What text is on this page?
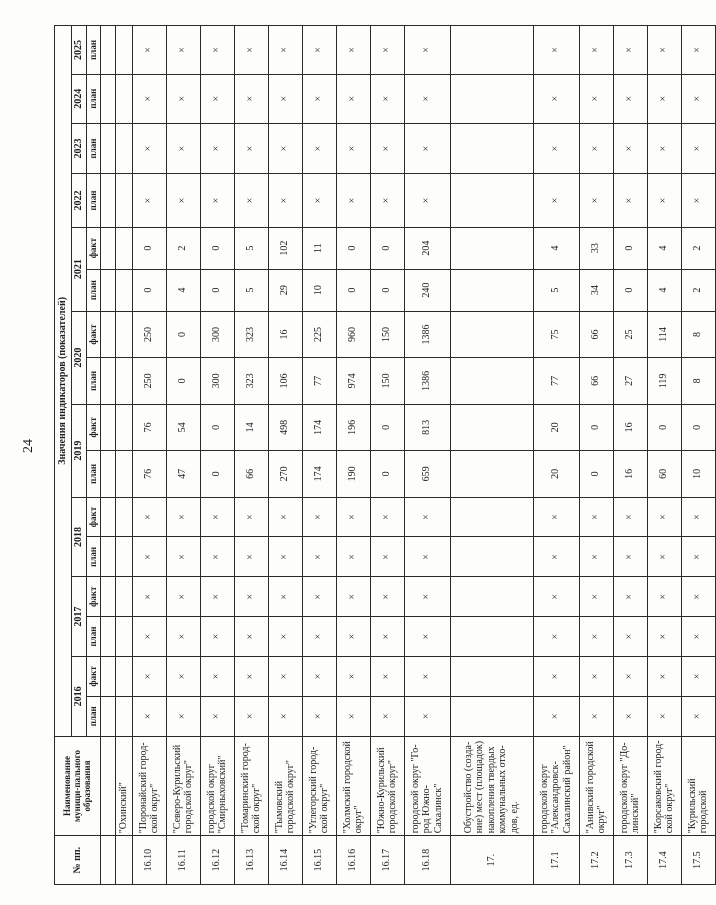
24
№ пп.	Наименование муници-пального образования	Значения индикаторов (показателей)															
		2016		2017		2018		2019		2020		2021		2022	2023	2024	2025
		план	факт	план	факт	план	факт	план	факт	план	факт	план	факт	план	план	план	план

	"Охинский"																
16.10	"Поронайский город-ской округ"	×	×	×	×	×	×	76	76	250	250	0	0	×	×	×	×
16.11	"Северо-Курильский городской округ"	×	×	×	×	×	×	47	54	0	0	4	2	×	×	×	×
16.12	городской округ "Смирныховский"	×	×	×	×	×	×	0	0	300	300	0	0	×	×	×	×
16.13	"Томаринский город-ской округ"	×	×	×	×	×	×	66	14	323	323	5	5	×	×	×	×
16.14	"Тымовский городской округ"	×	×	×	×	×	×	270	498	106	16	29	102	×	×	×	×
16.15	"Углегорский город-ской округ"	×	×	×	×	×	×	174	174	77	225	10	11	×	×	×	×
16.16	"Холмский городской округ"	×	×	×	×	×	×	190	196	974	960	0	0	×	×	×	×
16.17	"Южно-Курильский городской округ"	×	×	×	×	×	×	0	0	150	150	0	0	×	×	×	×
16.18	городской округ "Го-род Южно-Сахалинск"	×	×	×	×	×	×	659	813	1386	1386	240	204	×	×	×	×
17.	Обустройство (созда-ние) мест (площадок) накопления твердых коммунальных отхо-дов, ед.																
17.1	городской округ "Александровск-Сахалинский район"	×	×	×	×	×	×	20	20	77	75	5	4	×	×	×	×
17.2	"Анивский городской округ"	×	×	×	×	×	×	0	0	66	66	34	33	×	×	×	×
17.3	городской округ "До-линский"	×	×	×	×	×	×	16	16	27	25	0	0	×	×	×	×
17.4	"Корсаковский город-ской округ"	×	×	×	×	×	×	60	0	119	114	4	4	×	×	×	×
17.5	"Курильский городской	×	×	×	×	×	×	10	0	8	8	2	2	×	×	×	×
